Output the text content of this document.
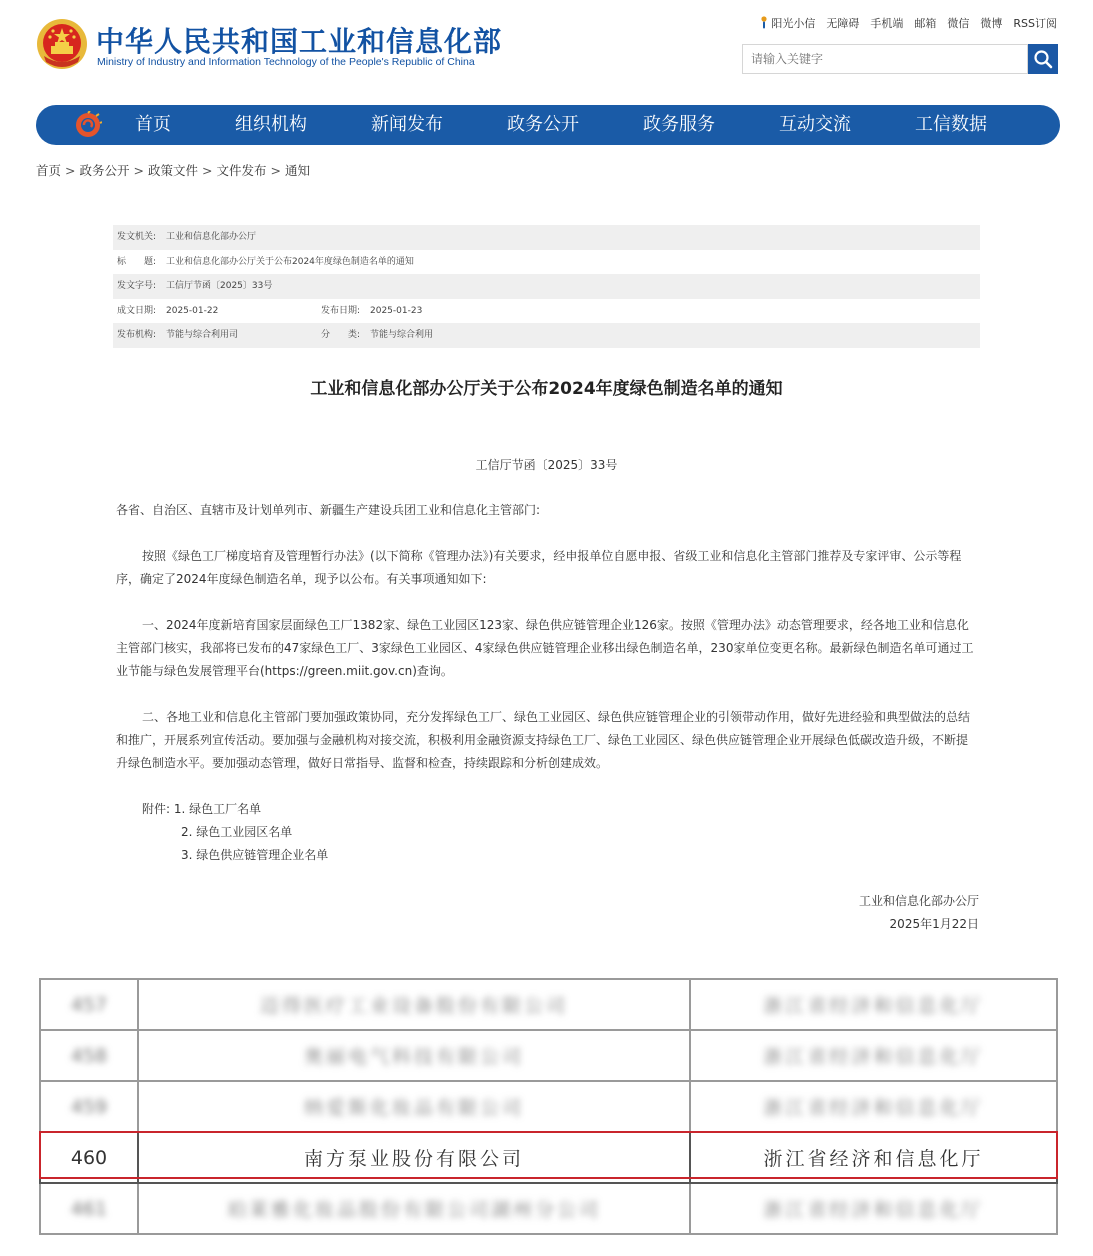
中华人民共和国工业和信息化部
Ministry of Industry and Information Technology of the People's Republic of China
阳光小信 无障碍 手机端 邮箱 微信 微博 RSS订阅
请输入关键字
首页	组织机构	新闻发布	政务公开	政务服务	互动交流	工信数据
首页 > 政务公开 > 政策文件 > 文件发布 > 通知
发文机关: 工业和信息化部办公厅
标　　题: 工业和信息化部办公厅关于公布2024年度绿色制造名单的通知
发文字号: 工信厅节函〔2025〕33号
成文日期: 2025-01-22	发布日期: 2025-01-23
发布机构: 节能与综合利用司	分　　类: 节能与综合利用
工业和信息化部办公厅关于公布2024年度绿色制造名单的通知
工信厅节函〔2025〕33号

各省、自治区、直辖市及计划单列市、新疆生产建设兵团工业和信息化主管部门:

按照《绿色工厂梯度培育及管理暂行办法》(以下简称《管理办法》)有关要求，经申报单位自愿申报、省级工业和信息化主管部门推荐及专家评审、公示等程序，确定了2024年度绿色制造名单，现予以公布。有关事项通知如下:

一、2024年度新培育国家层面绿色工厂1382家、绿色工业园区123家、绿色供应链管理企业126家。按照《管理办法》动态管理要求，经各地工业和信息化主管部门核实，我部将已发布的47家绿色工厂、3家绿色工业园区、4家绿色供应链管理企业移出绿色制造名单，230家单位变更名称。最新绿色制造名单可通过工业节能与绿色发展管理平台(https://green.miit.gov.cn)查询。

二、各地工业和信息化主管部门要加强政策协同，充分发挥绿色工厂、绿色工业园区、绿色供应链管理企业的引领带动作用，做好先进经验和典型做法的总结和推广，开展系列宣传活动。要加强与金融机构对接交流，积极利用金融资源支持绿色工厂、绿色工业园区、绿色供应链管理企业开展绿色低碳改造升级，不断提升绿色制造水平。要加强动态管理，做好日常指导、监督和检查，持续跟踪和分析创建成效。

附件: 1. 绿色工厂名单
2. 绿色工业园区名单
3. 绿色供应链管理企业名单
工业和信息化部办公厅
2025年1月22日
457	迈得医疗工业设备股份有限公司	浙江省经济和信息化厅
458	奥丽电气科技有限公司	浙江省经济和信息化厅
459	纳爱斯化妆品有限公司	浙江省经济和信息化厅
460	南方泵业股份有限公司	浙江省经济和信息化厅
461	珀莱雅化妆品股份有限公司湖州分公司	浙江省经济和信息化厅
